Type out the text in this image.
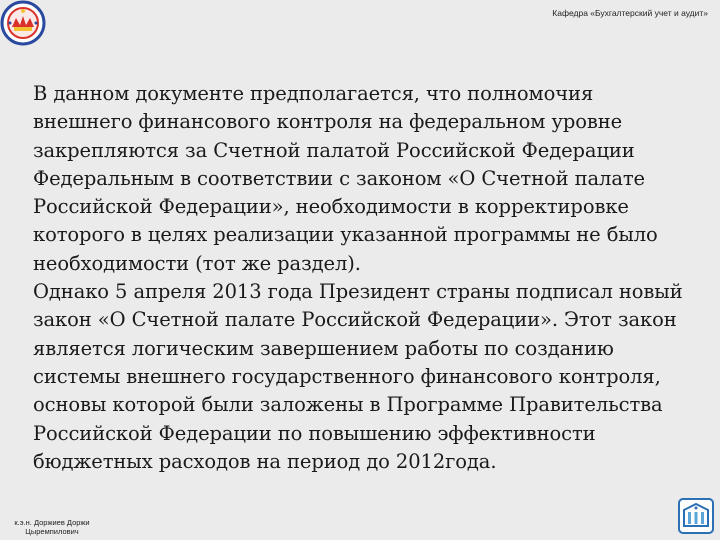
Кафедра «Бухгалтерский учет и аудит»

В данном документе предполагается, что полномочия внешнего финансового контроля на федеральном уровне закрепляются за Счетной палатой Российской Федерации Федеральным в соответствии с законом «О Счетной палате Российской Федерации», необходимости в корректировке которого в целях реализации указанной программы не было необходимости (тот же раздел).

Однако 5 апреля 2013 года Президент страны подписал новый закон «О Счетной палате Российской Федерации». Этот закон является логическим завершением работы по созданию системы внешнего государственного финансового контроля, основы которой были заложены в Программе Правительства Российской Федерации по повышению эффективности бюджетных расходов на период до 2012года.

к.э.н. Доржиев Доржи
Цыремпилович
